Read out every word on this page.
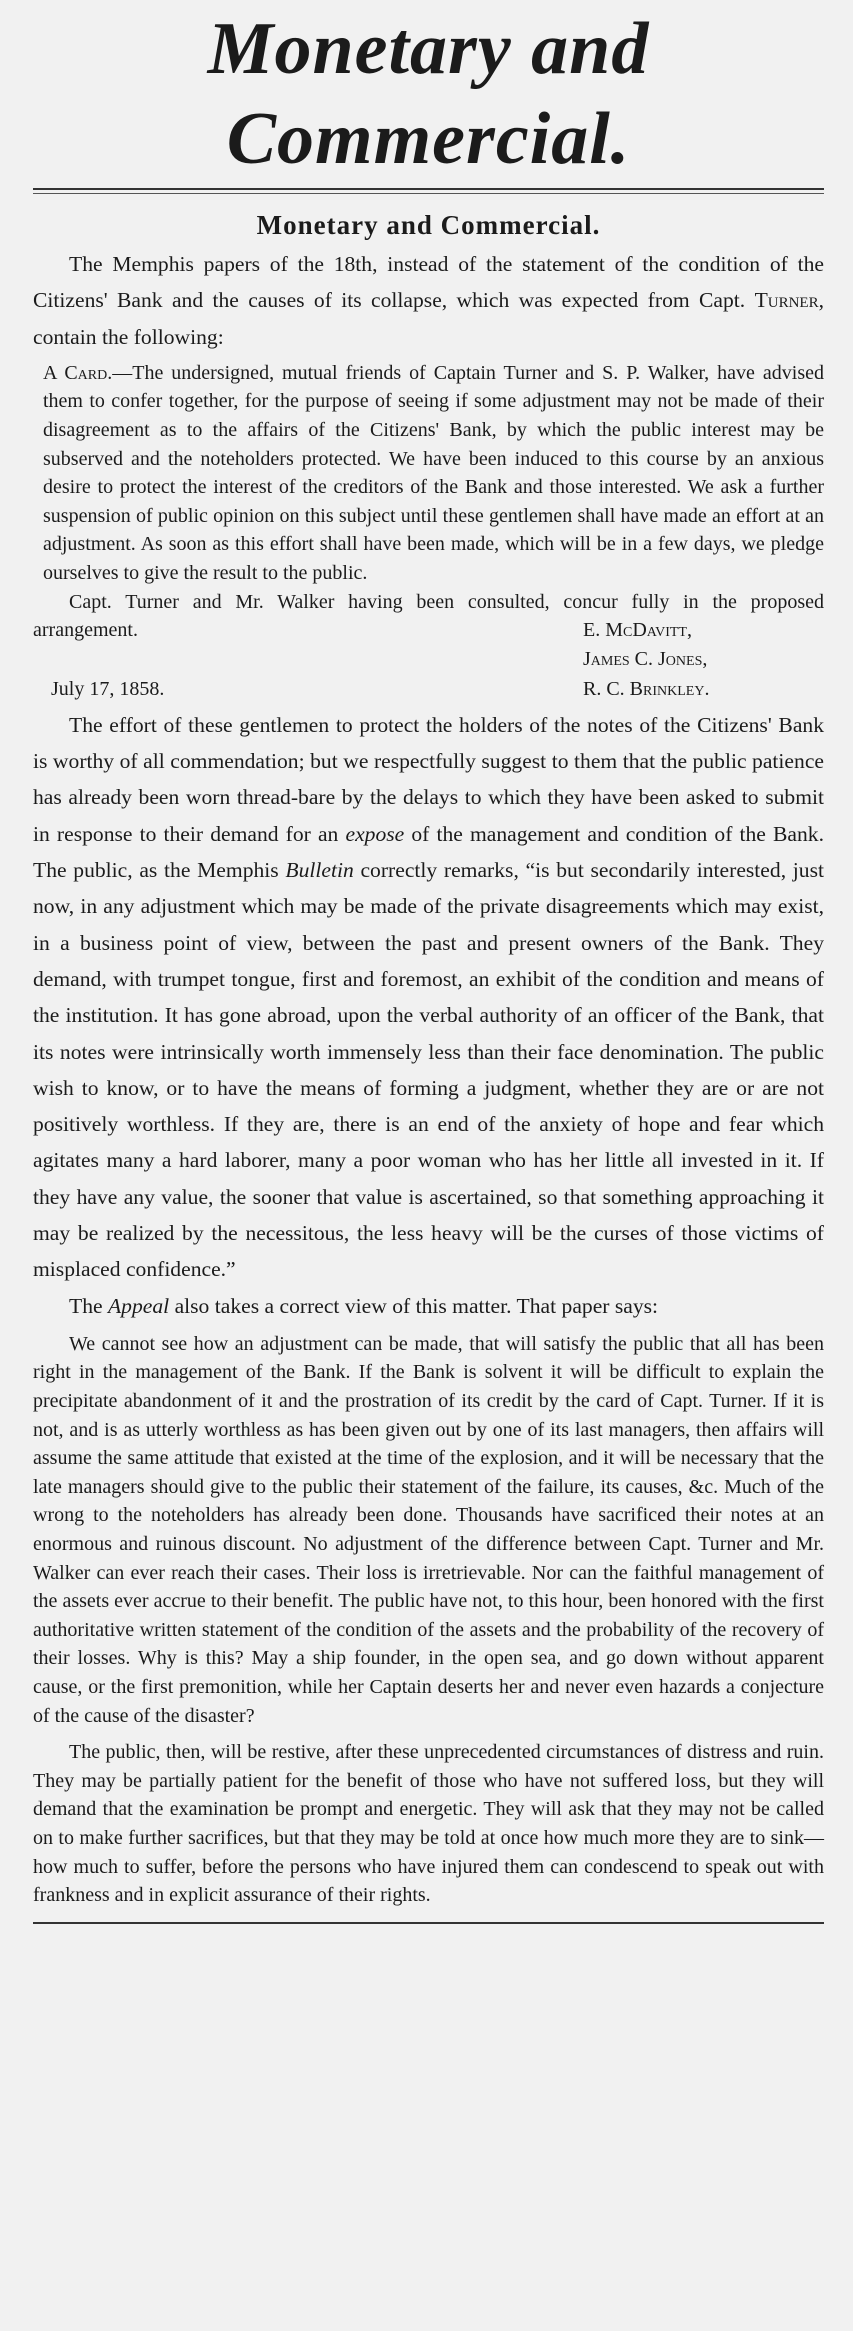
Monetary and Commercial.
Monetary and Commercial.

The Memphis papers of the 18th, instead of the statement of the condition of the Citizens' Bank and the causes of its collapse, which was expected from Capt. Turner, contain the following:

A Card.—The undersigned, mutual friends of Captain Turner and S. P. Walker, have advised them to confer together, for the purpose of seeing if some adjustment may not be made of their disagreement as to the affairs of the Citizens' Bank, by which the public interest may be subserved and the noteholders protected. We have been induced to this course by an anxious desire to protect the interest of the creditors of the Bank and those interested. We ask a further suspension of public opinion on this subject until these gentlemen shall have made an effort at an adjustment. As soon as this effort shall have been made, which will be in a few days, we pledge ourselves to give the result to the public.

Capt. Turner and Mr. Walker having been consulted, concur fully in the proposed arrangement.	E. McDavitt,
James C. Jones,
July 17, 1858.	R. C. Brinkley.

The effort of these gentlemen to protect the holders of the notes of the Citizens' Bank is worthy of all commendation; but we respectfully suggest to them that the public patience has already been worn thread-bare by the delays to which they have been asked to submit in response to their demand for an expose of the management and condition of the Bank. The public, as the Memphis Bulletin correctly remarks, “is but secondarily interested, just now, in any adjustment which may be made of the private disagreements which may exist, in a business point of view, between the past and present owners of the Bank. They demand, with trumpet tongue, first and foremost, an exhibit of the condition and means of the institution. It has gone abroad, upon the verbal authority of an officer of the Bank, that its notes were intrinsically worth immensely less than their face denomination. The public wish to know, or to have the means of forming a judgment, whether they are or are not positively worthless. If they are, there is an end of the anxiety of hope and fear which agitates many a hard laborer, many a poor woman who has her little all invested in it. If they have any value, the sooner that value is ascertained, so that something approaching it may be realized by the necessitous, the less heavy will be the curses of those victims of misplaced confidence.”

The Appeal also takes a correct view of this matter. That paper says:

We cannot see how an adjustment can be made, that will satisfy the public that all has been right in the management of the Bank. If the Bank is solvent it will be difficult to explain the precipitate abandonment of it and the prostration of its credit by the card of Capt. Turner. If it is not, and is as utterly worthless as has been given out by one of its last managers, then affairs will assume the same attitude that existed at the time of the explosion, and it will be necessary that the late managers should give to the public their statement of the failure, its causes, &c. Much of the wrong to the noteholders has already been done. Thousands have sacrificed their notes at an enormous and ruinous discount. No adjustment of the difference between Capt. Turner and Mr. Walker can ever reach their cases. Their loss is irretrievable. Nor can the faithful management of the assets ever accrue to their benefit. The public have not, to this hour, been honored with the first authoritative written statement of the condition of the assets and the probability of the recovery of their losses. Why is this? May a ship founder, in the open sea, and go down without apparent cause, or the first premonition, while her Captain deserts her and never even hazards a conjecture of the cause of the disaster?

The public, then, will be restive, after these unprecedented circumstances of distress and ruin. They may be partially patient for the benefit of those who have not suffered loss, but they will demand that the examination be prompt and energetic. They will ask that they may not be called on to make further sacrifices, but that they may be told at once how much more they are to sink—how much to suffer, before the persons who have injured them can condescend to speak out with frankness and in explicit assurance of their rights.
